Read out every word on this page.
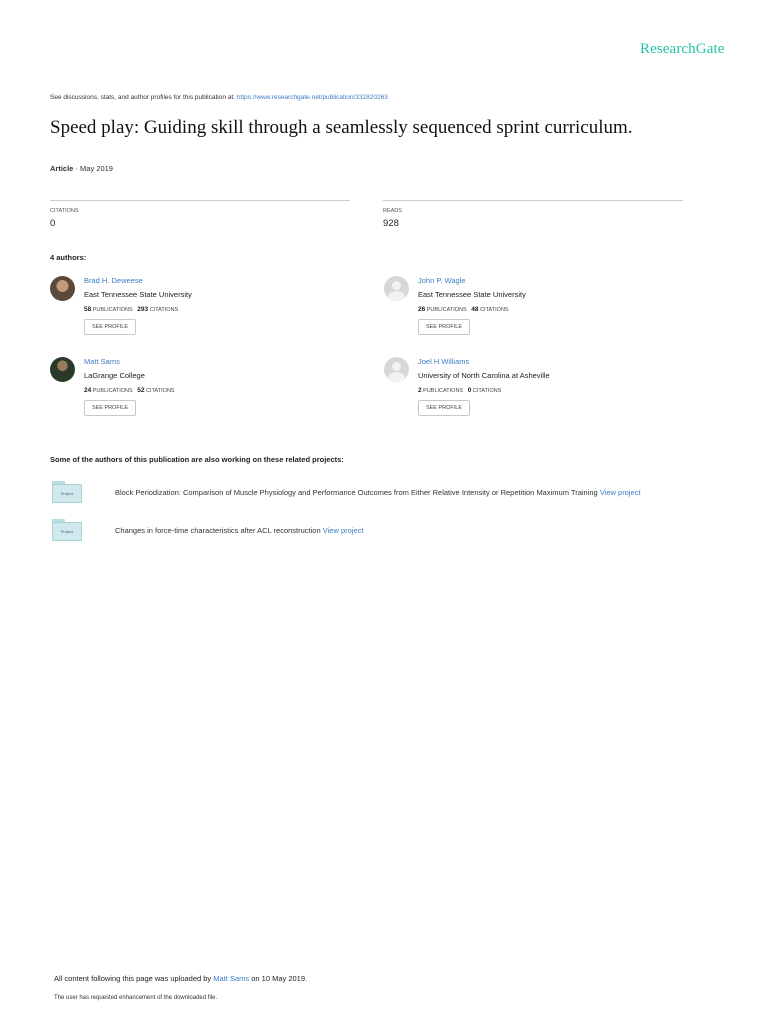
ResearchGate
See discussions, stats, and author profiles for this publication at: https://www.researchgate.net/publication/332820263
Speed play: Guiding skill through a seamlessly sequenced sprint curriculum.
Article · May 2019
CITATIONS
0
READS
928
4 authors:
Brad H. Deweese
East Tennessee State University
58 PUBLICATIONS 293 CITATIONS
SEE PROFILE
John P. Wagle
East Tennessee State University
26 PUBLICATIONS 48 CITATIONS
SEE PROFILE
Matt Sams
LaGrange College
24 PUBLICATIONS 52 CITATIONS
SEE PROFILE
Joel H Williams
University of North Carolina at Asheville
2 PUBLICATIONS 0 CITATIONS
SEE PROFILE
Some of the authors of this publication are also working on these related projects:
Project	Block Periodization: Comparison of Muscle Physiology and Performance Outcomes from Either Relative Intensity or Repetition Maximum Training View project
Project	Changes in force-time characteristics after ACL reconstruction View project
All content following this page was uploaded by Matt Sams on 10 May 2019.
The user has requested enhancement of the downloaded file.
